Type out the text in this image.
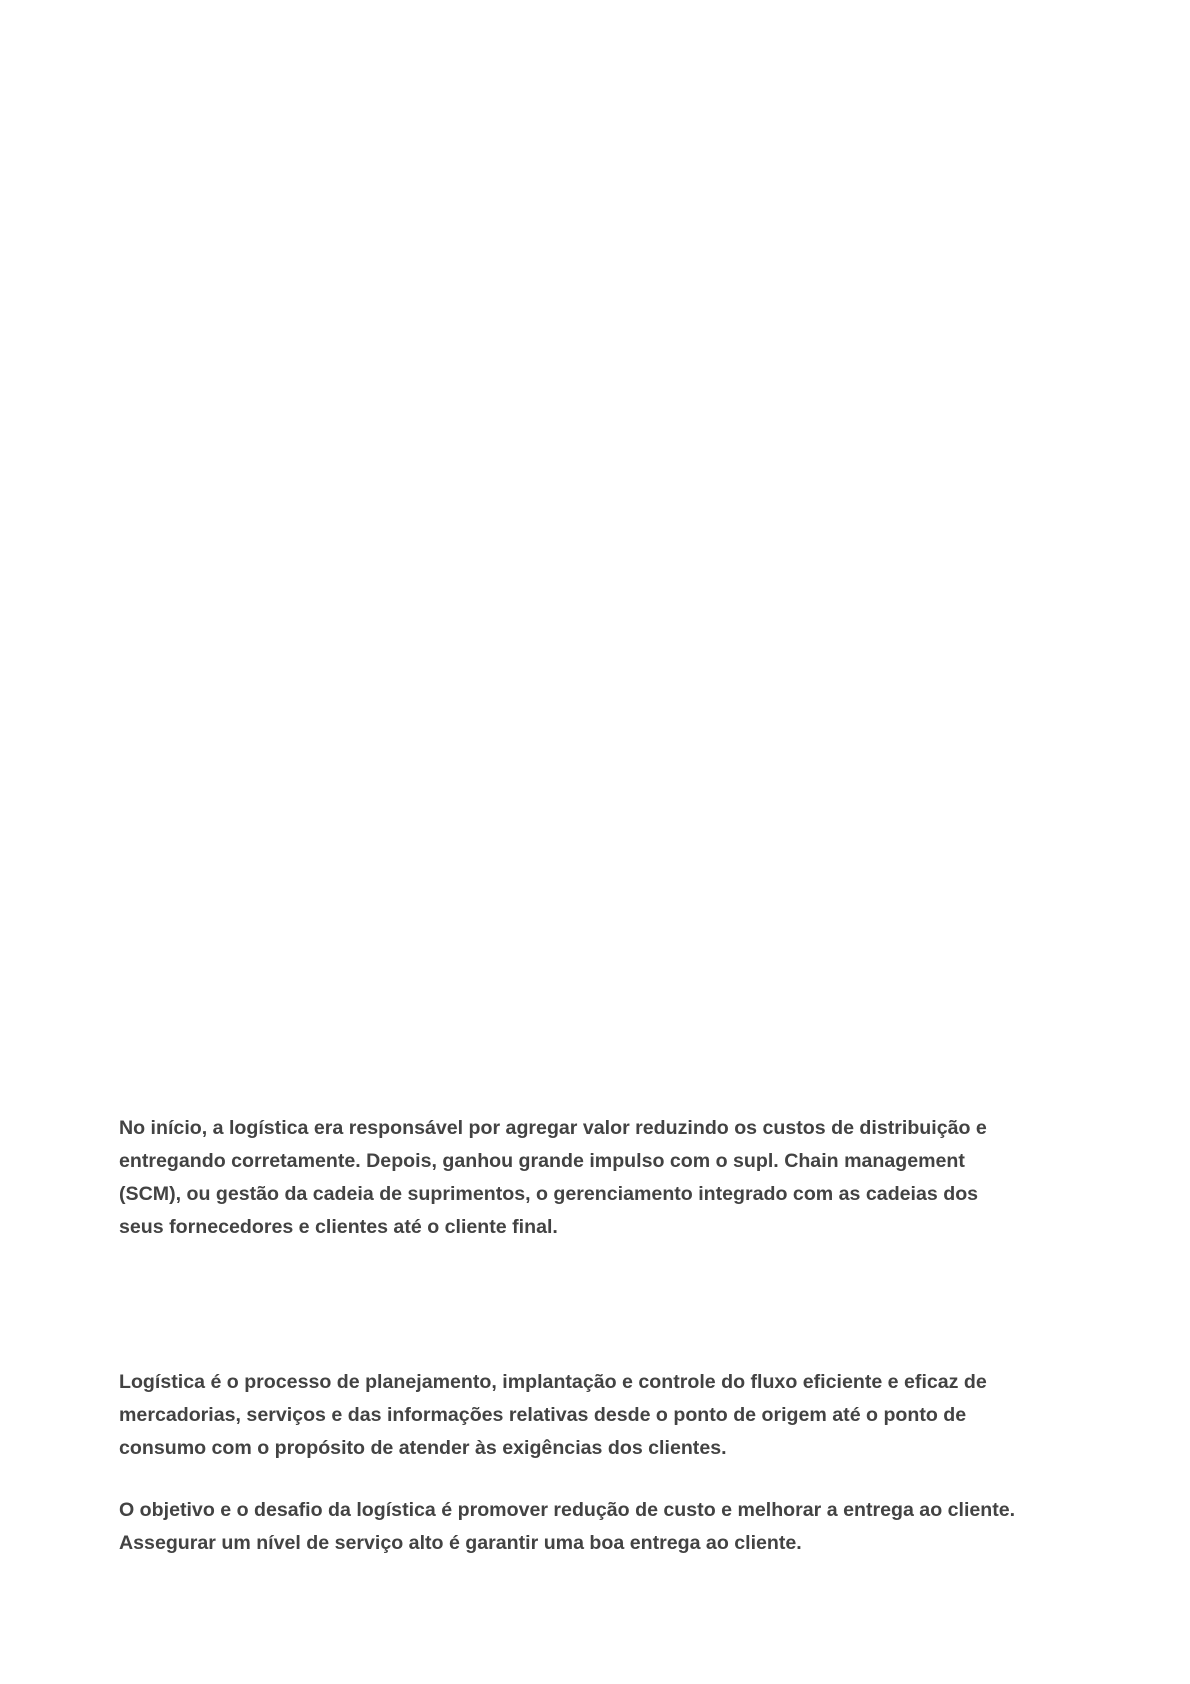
No início, a logística era responsável por agregar valor reduzindo os custos de distribuição e
entregando corretamente. Depois, ganhou grande impulso com o supl. Chain management
(SCM), ou gestão da cadeia de suprimentos, o gerenciamento integrado com as cadeias dos
seus fornecedores e clientes até o cliente final.

Logística é o processo de planejamento, implantação e controle do fluxo eficiente e eficaz de
mercadorias, serviços e das informações relativas desde o ponto de origem até o ponto de
consumo com o propósito de atender às exigências dos clientes.

O objetivo e o desafio da logística é promover redução de custo e melhorar a entrega ao cliente.
Assegurar um nível de serviço alto é garantir uma boa entrega ao cliente.
